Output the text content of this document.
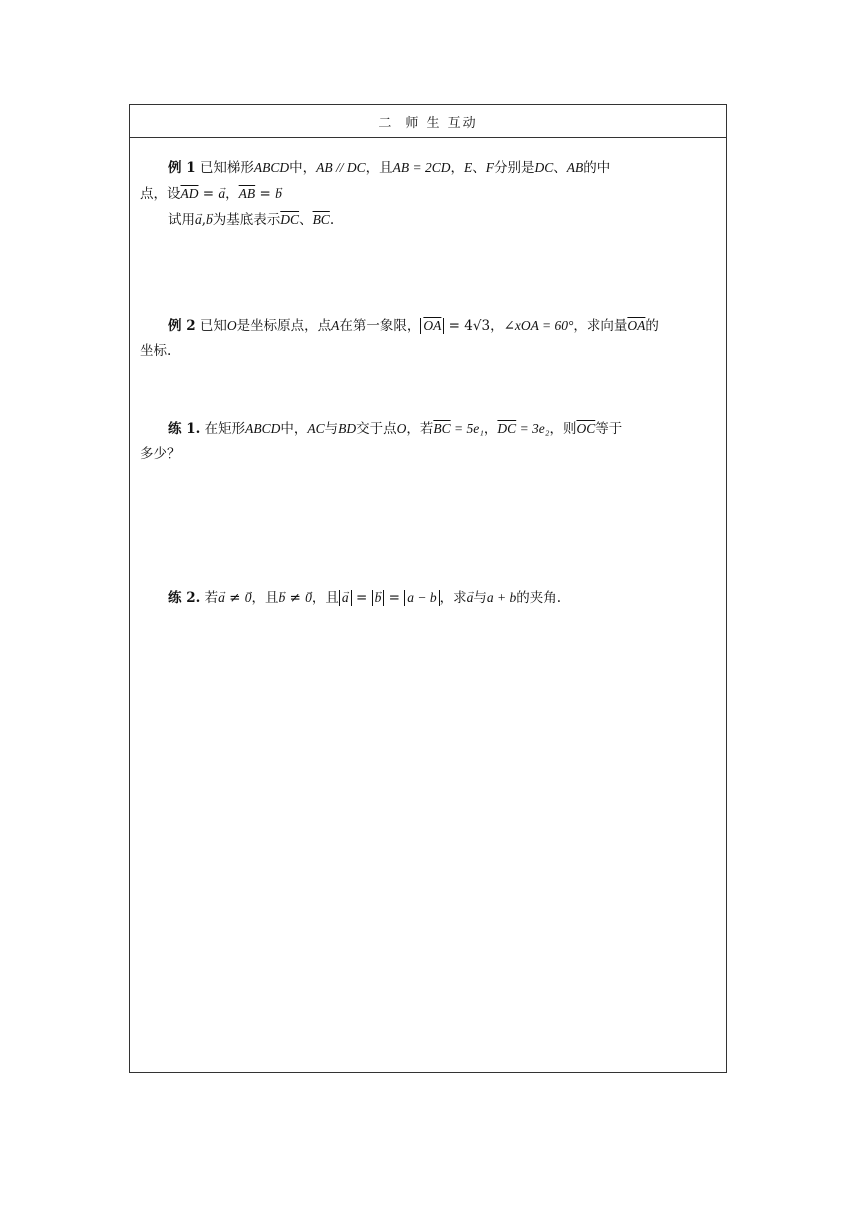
二 师 生 互动
例 1 已知梯形ABCD中，AB // DC，且AB = 2CD，E、F分别是DC、AB的中
点，设$\overline{AD}$ = → a，$\overline{AB}$ = → b
试用→ a,→ b为基底表示$\overline{DC}$、$\overline{BC}$.
例 2 已知O是坐标原点，点A在第一象限， $\overline{OA} = 4√3$，∠xOA = 60°，求向量$\overline{OA}$的
坐标.
练 1. 在矩形ABCD中，AC与BD交于点O，若$\overline{BC} = 5e_1$，$\overline{DC} = 3e_2$，则$\overline{OC}$等于
多少？
练 2. 若→ a ≠ → 0，且→ b ≠ → 0，且 → a = → b = a − b ，求→ a与a + b的夹角.
